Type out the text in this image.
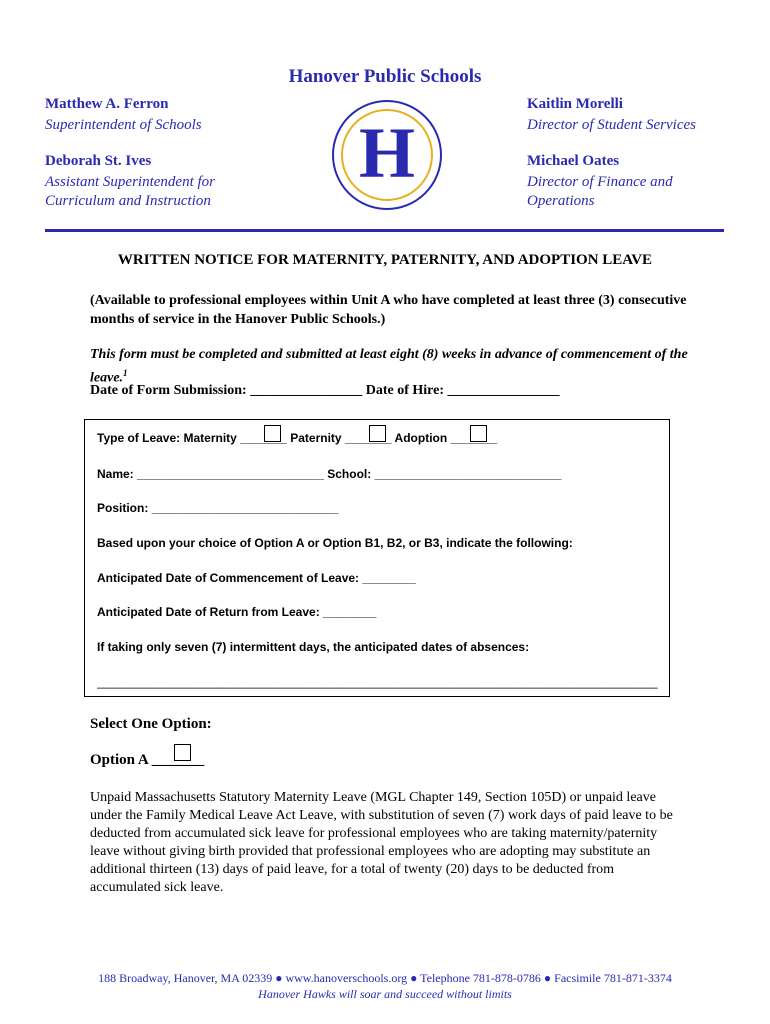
Hanover Public Schools
Matthew A. Ferron
Superintendent of Schools
Deborah St. Ives
Assistant Superintendent for
Curriculum and Instruction
Kaitlin Morelli
Director of Student Services
Michael Oates
Director of Finance and
Operations
H
WRITTEN NOTICE FOR MATERNITY, PATERNITY, AND ADOPTION LEAVE
(Available to professional employees within Unit A who have completed at least three (3) consecutive months of service in the Hanover Public Schools.)
This form must be completed and submitted at least eight (8) weeks in advance of commencement of the leave.$^1$
Date of Form Submission: ________________ Date of Hire: ________________
Type of Leave: Maternity _______ Paternity _______ Adoption _______
Name: ____________________________ School: ____________________________
Position: ____________________________
Based upon your choice of Option A or Option B1, B2, or B3, indicate the following:
Anticipated Date of Commencement of Leave: ________
Anticipated Date of Return from Leave: ________
If taking only seven (7) intermittent days, the anticipated dates of absences:
____________________________________________________________________________________
Select One Option:
Option A _______
Unpaid Massachusetts Statutory Maternity Leave (MGL Chapter 149, Section 105D) or unpaid leave under the Family Medical Leave Act Leave, with substitution of seven (7) work days of paid leave to be deducted from accumulated sick leave for professional employees who are taking maternity/paternity leave without giving birth provided that professional employees who are adopting may substitute an additional thirteen (13) days of paid leave, for a total of twenty (20) days to be deducted from accumulated sick leave.
188 Broadway, Hanover, MA 02339 ● www.hanoverschools.org ● Telephone 781-878-0786 ● Facsimile 781-871-3374
Hanover Hawks will soar and succeed without limits
